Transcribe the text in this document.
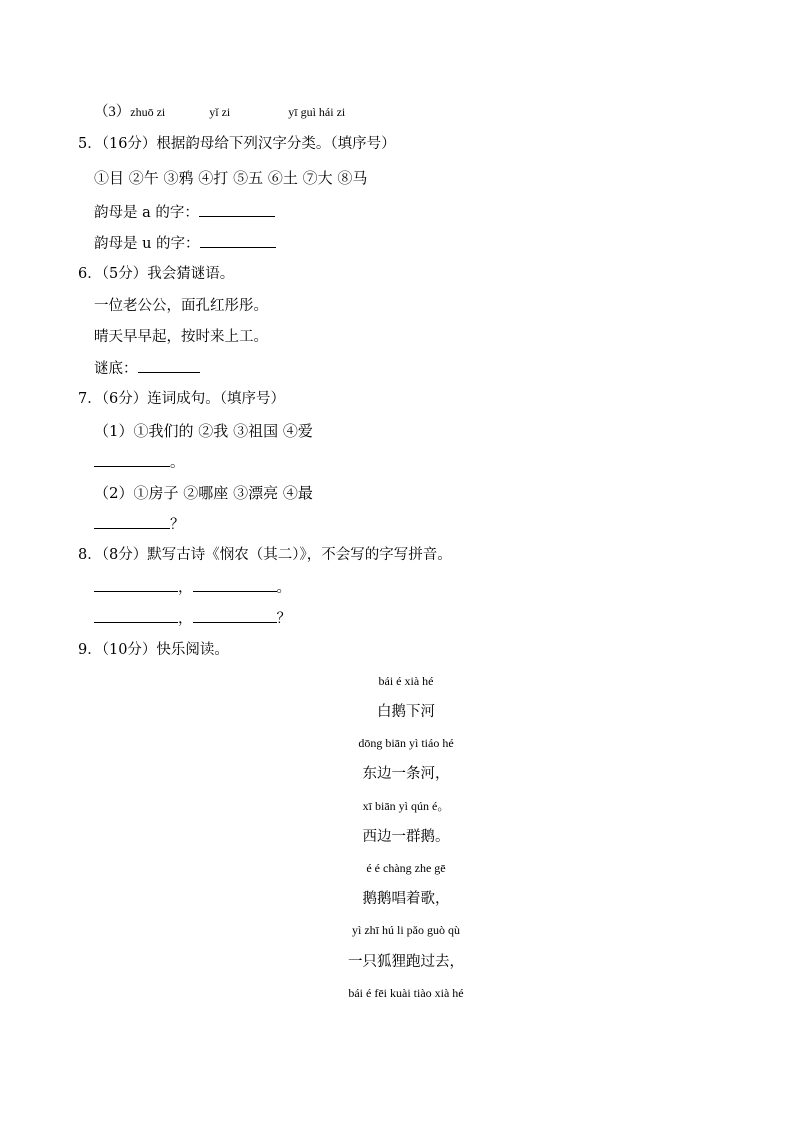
（3）zhuō zi	yǐ zi	yī guì hái zi
5．（16分）根据韵母给下列汉字分类。（填序号）
①目 ②午 ③鸦 ④打 ⑤五 ⑥土 ⑦大 ⑧马
韵母是 a 的字：
韵母是 u 的字：
6．（5分）我会猜谜语。
一位老公公，面孔红彤彤。
晴天早早起，按时来上工。
谜底：
7．（6分）连词成句。（填序号）
（1）①我们的 ②我 ③祖国 ④爱
。
（2）①房子 ②哪座 ③漂亮 ④最
？
8．（8分）默写古诗《悯农（其二）》，不会写的字写拼音。
，	。
，	？
9．（10分）快乐阅读。
bái é xià hé
白鹅下河
dōng biān yì tiáo hé
东边一条河，
xī biān yì qún é。
西边一群鹅。
é é chàng zhe gē
鹅鹅唱着歌，
yì zhī hú li pǎo guò qù
一只狐狸跑过去，
bái é fēi kuài tiào xià hé
